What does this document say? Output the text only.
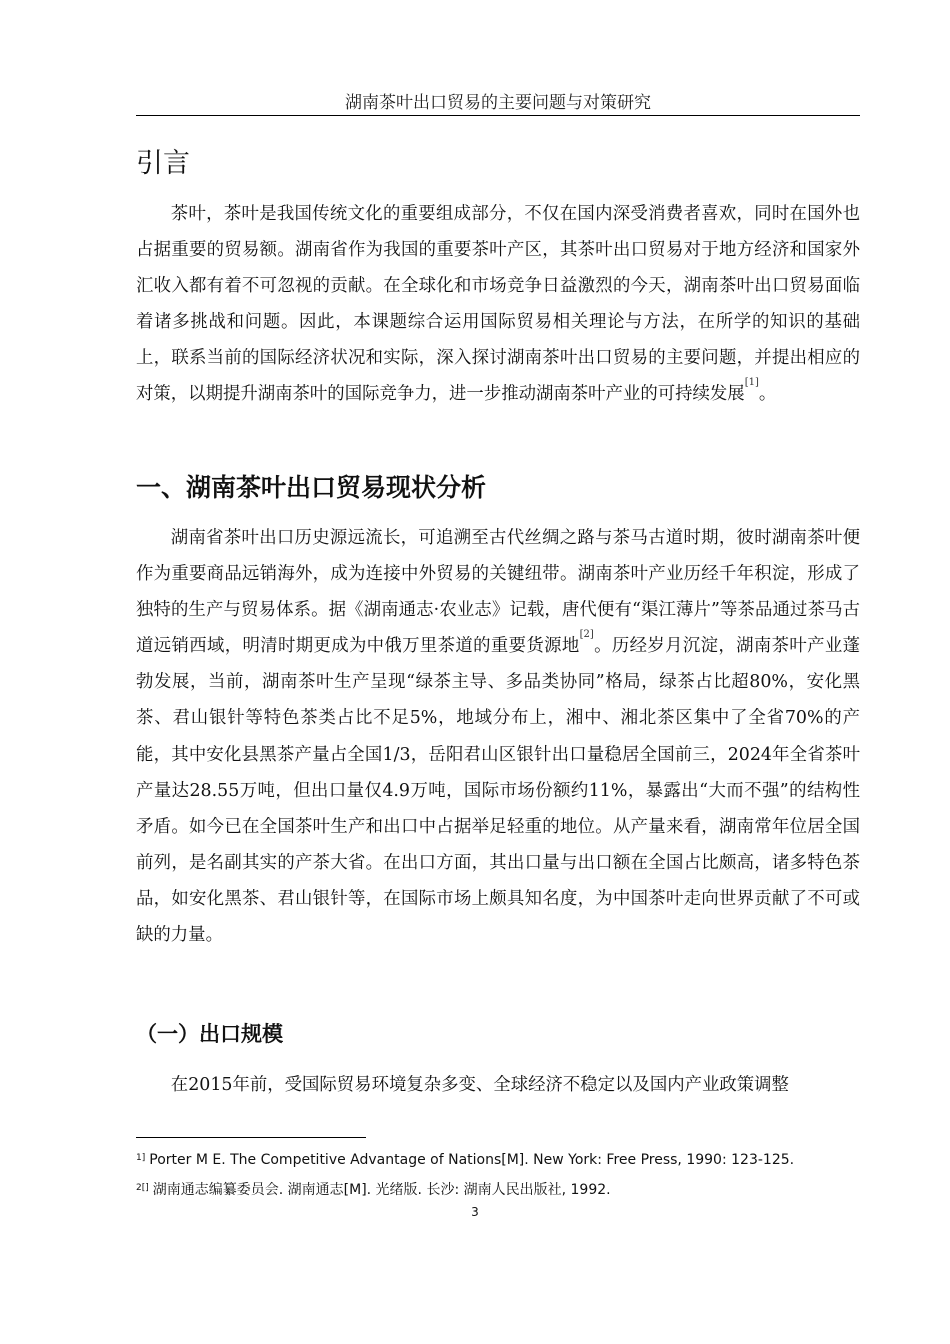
湖南茶叶出口贸易的主要问题与对策研究
引言

茶叶，茶叶是我国传统文化的重要组成部分，不仅在国内深受消费者喜欢，同时在国外也占据重要的贸易额。湖南省作为我国的重要茶叶产区，其茶叶出口贸易对于地方经济和国家外汇收入都有着不可忽视的贡献。在全球化和市场竞争日益激烈的今天，湖南茶叶出口贸易面临着诸多挑战和问题。因此，本课题综合运用国际贸易相关理论与方法，在所学的知识的基础上，联系当前的国际经济状况和实际，深入探讨湖南茶叶出口贸易的主要问题，并提出相应的对策，以期提升湖南茶叶的国际竞争力，进一步推动湖南茶叶产业的可持续发展[1]。

一、湖南茶叶出口贸易现状分析

湖南省茶叶出口历史源远流长，可追溯至古代丝绸之路与茶马古道时期，彼时湖南茶叶便作为重要商品远销海外，成为连接中外贸易的关键纽带。湖南茶叶产业历经千年积淀，形成了独特的生产与贸易体系。据《湖南通志·农业志》记载，唐代便有“渠江薄片”等茶品通过茶马古道远销西域，明清时期更成为中俄万里茶道的重要货源地[2]。历经岁月沉淀，湖南茶叶产业蓬勃发展，当前，湖南茶叶生产呈现“绿茶主导、多品类协同”格局，绿茶占比超80%，安化黑茶、君山银针等特色茶类占比不足5%，地域分布上，湘中、湘北茶区集中了全省70%的产能，其中安化县黑茶产量占全国1/3，岳阳君山区银针出口量稳居全国前三，2024年全省茶叶产量达28.55万吨，但出口量仅4.9万吨，国际市场份额约11%，暴露出“大而不强”的结构性矛盾。如今已在全国茶叶生产和出口中占据举足轻重的地位。从产量来看，湖南常年位居全国前列，是名副其实的产茶大省。在出口方面，其出口量与出口额在全国占比颇高，诸多特色茶品，如安化黑茶、君山银针等，在国际市场上颇具知名度，为中国茶叶走向世界贡献了不可或缺的力量。

（一）出口规模

在2015年前，受国际贸易环境复杂多变、全球经济不稳定以及国内产业政策调整

$^{1]}$ Porter M E. The Competitive Advantage of Nations[M]. New York: Free Press, 1990: 123-125.
$^{2[]}$ 湖南通志编纂委员会. 湖南通志[M]. 光绪版. 长沙: 湖南人民出版社, 1992.
3
